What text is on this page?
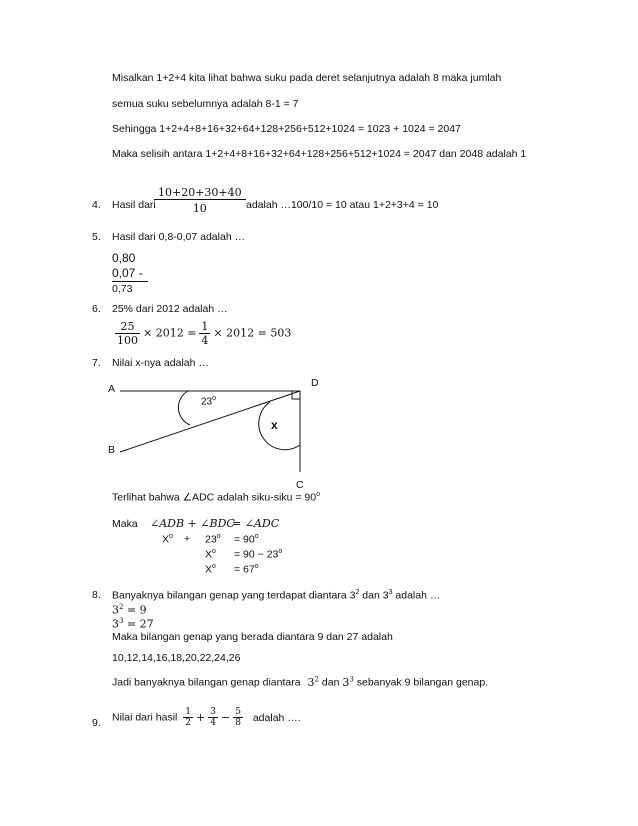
Misalkan 1+2+4 kita lihat bahwa suku pada deret selanjutnya adalah 8 maka jumlah
semua suku sebelumnya adalah 8-1 = 7
Sehingga 1+2+4+8+16+32+64+128+256+512+1024 = 1023 + 1024 = 2047
Maka selisih antara 1+2+4+8+16+32+64+128+256+512+1024 = 2047 dan 2048 adalah 1
4. Hasil dari
$\frac{10+20+30+40}{10}$ adalah …100/10 = 10 atau 1+2+3+4 = 10
5. Hasil dari 0,8-0,07 adalah …
0,80
0,07 -
0,73
6. 25% dari 2012 adalah …
$\frac{25}{100} \times 2012 = \frac{1}{4} \times 2012 = 503$
7. Nilai x-nya adalah …
A
B
C
D
23$^o$
x
Terlihat bahwa ∠ADC adalah siku-siku = $90^o$
Maka ∠ADB + ∠BDC
= ∠ADC
$X^o + 23^o = 90^o$
$X^o = 90 - 23^o$
$X^o = 67^o$
8. Banyaknya bilangan genap yang terdapat diantara $3^2$ dan $3^3$ adalah …
$3^2 = 9$
$3^3 = 27$
Maka bilangan genap yang berada diantara 9 dan 27 adalah
10,12,14,16,18,20,22,24,26
Jadi banyaknya bilangan genap diantara $3^2$ dan $3^3$ sebanyak 9 bilangan genap.
9. Nilai dari hasil $\frac{1}{2} + \frac{3}{4} - \frac{5}{8}$ adalah ….
